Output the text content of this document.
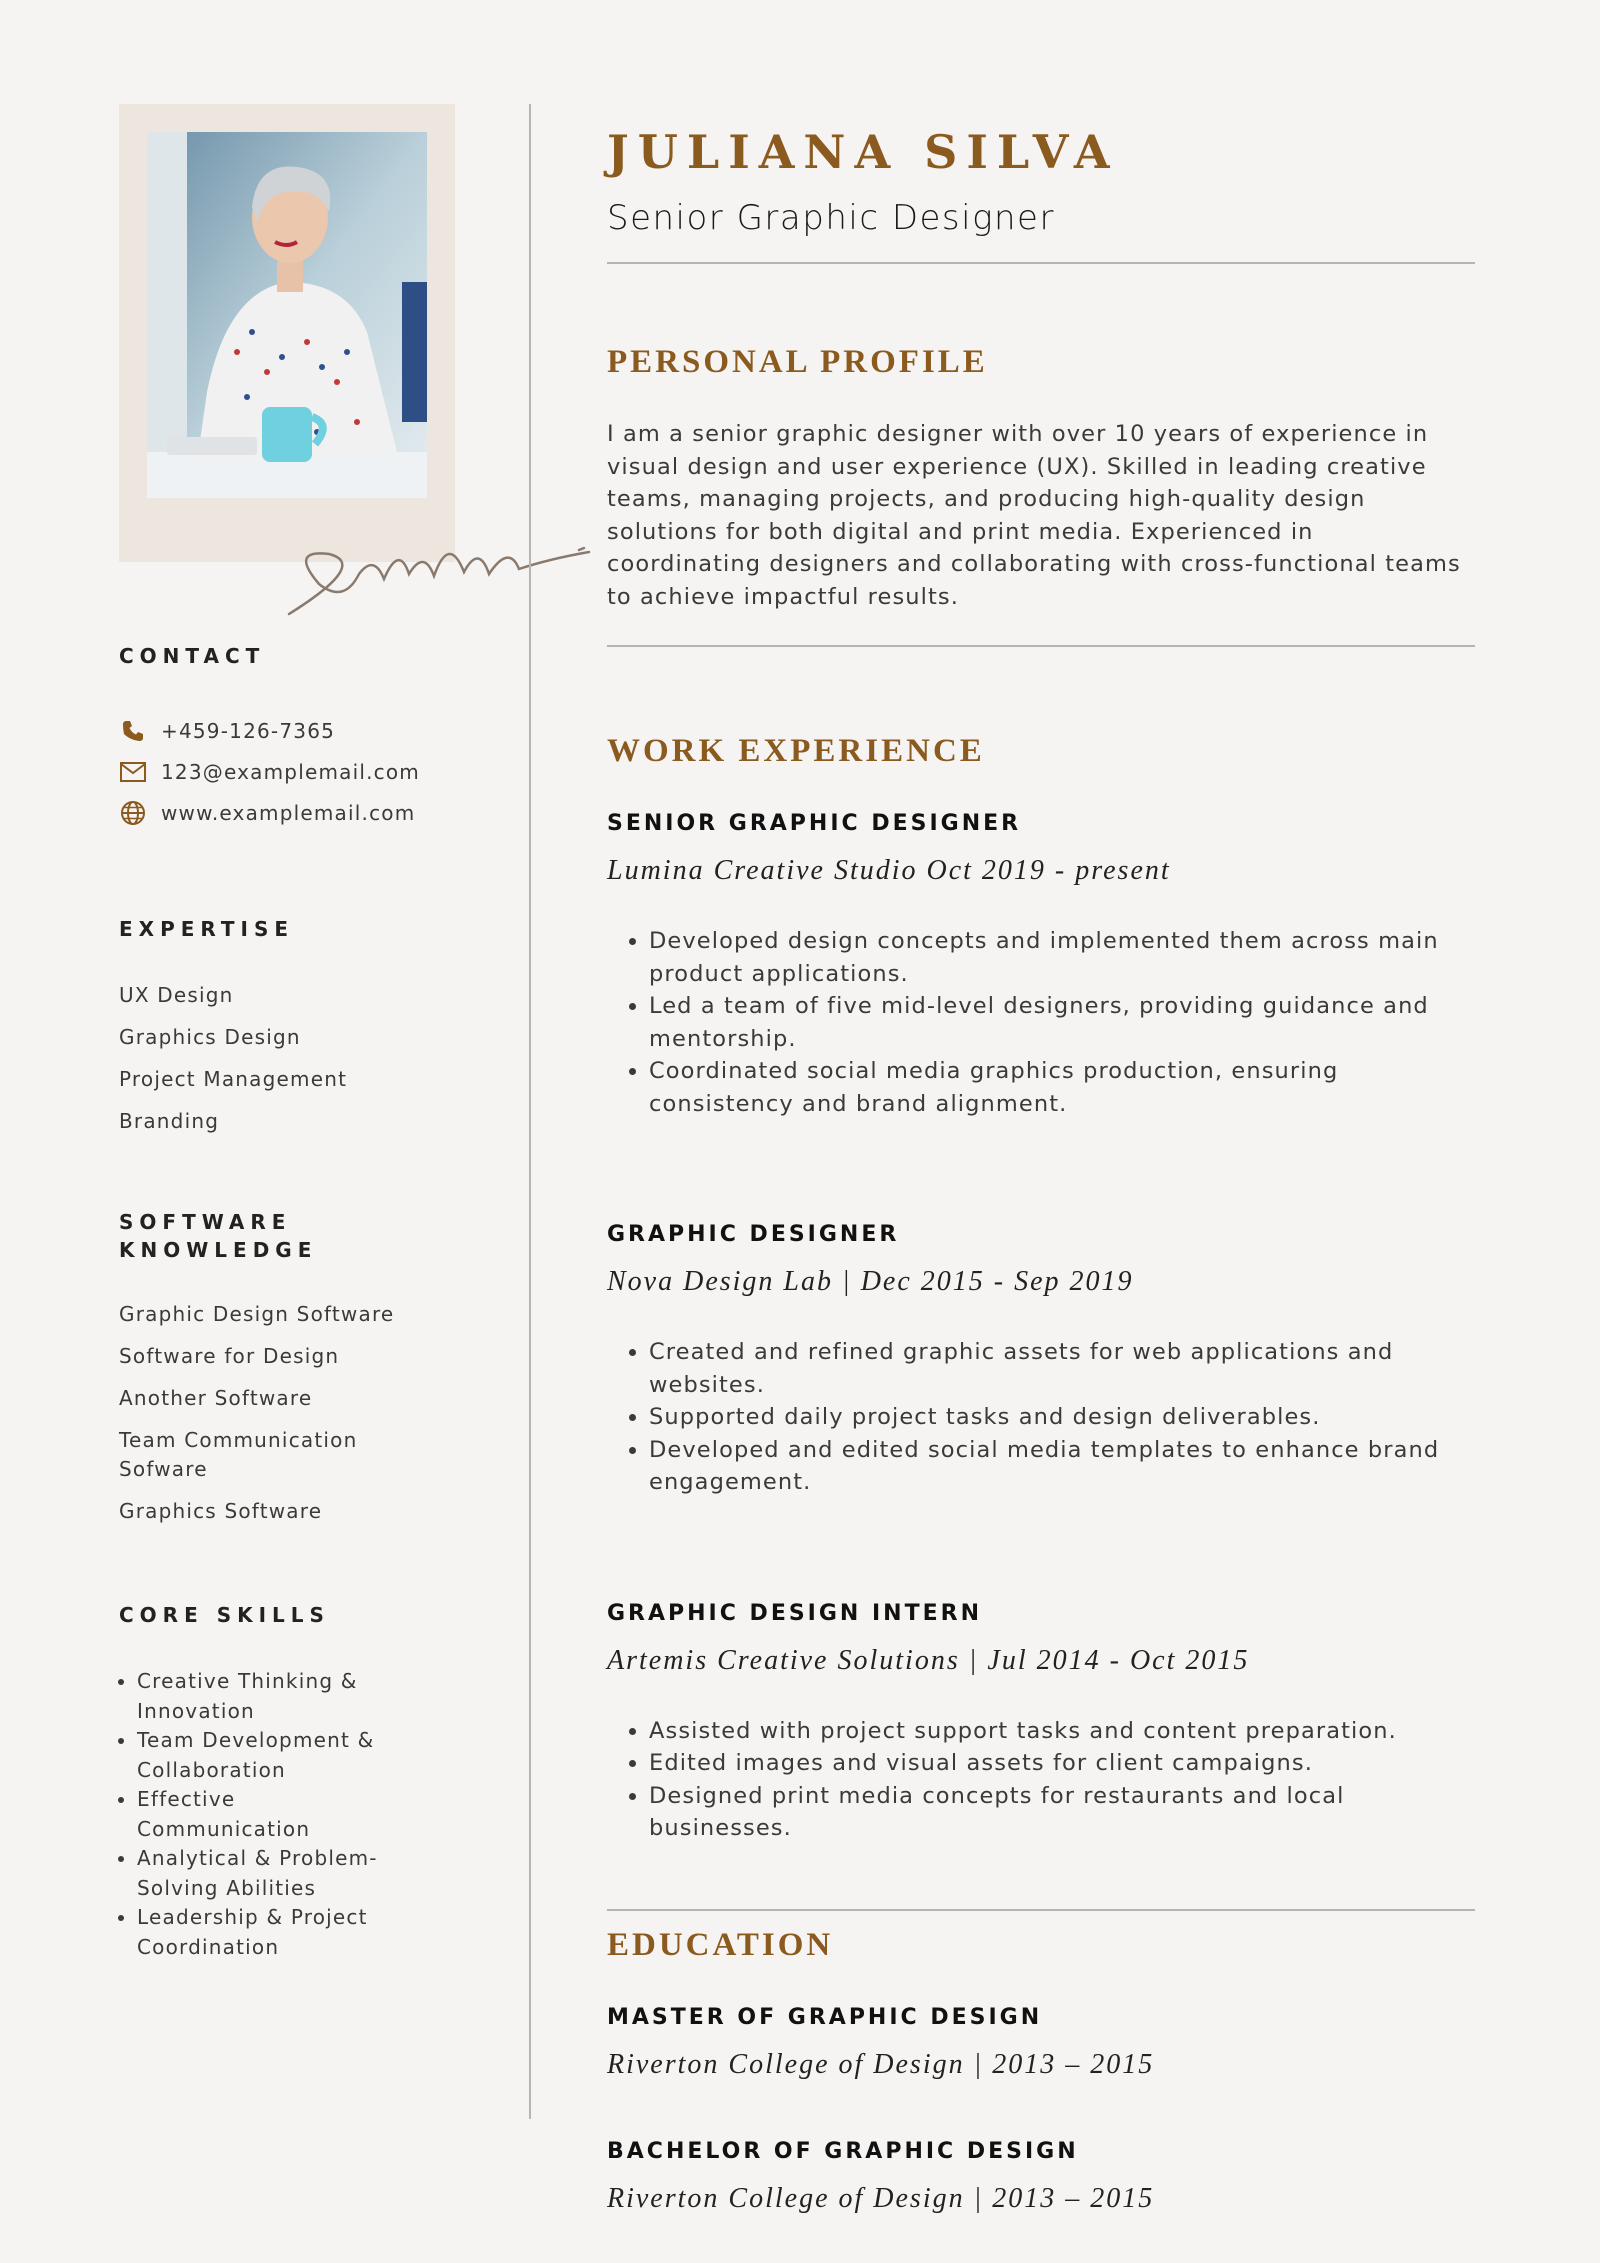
CONTACT
+459-126-7365
123@examplemail.com
www.examplemail.com
EXPERTISE
UX Design
Graphics Design
Project Management
Branding
SOFTWARE KNOWLEDGE
Graphic Design Software
Software for Design
Another Software
Team Communication Sofware
Graphics Software
CORE SKILLS
• Creative Thinking & Innovation
• Team Development & Collaboration
• Effective Communication
• Analytical & Problem-Solving Abilities
• Leadership & Project Coordination
JULIANA SILVA
Senior Graphic Designer
PERSONAL PROFILE

I am a senior graphic designer with over 10 years of experience in visual design and user experience (UX). Skilled in leading creative teams, managing projects, and producing high-quality design solutions for both digital and print media. Experienced in coordinating designers and collaborating with cross-functional teams to achieve impactful results.

WORK EXPERIENCE
SENIOR GRAPHIC DESIGNER
Lumina Creative Studio Oct 2019 - present
• Developed design concepts and implemented them across main product applications.
• Led a team of five mid-level designers, providing guidance and mentorship.
• Coordinated social media graphics production, ensuring consistency and brand alignment.
GRAPHIC DESIGNER
Nova Design Lab | Dec 2015 - Sep 2019
• Created and refined graphic assets for web applications and websites.
• Supported daily project tasks and design deliverables.
• Developed and edited social media templates to enhance brand engagement.
GRAPHIC DESIGN INTERN
Artemis Creative Solutions | Jul 2014 - Oct 2015
• Assisted with project support tasks and content preparation.
• Edited images and visual assets for client campaigns.
• Designed print media concepts for restaurants and local businesses.
EDUCATION
MASTER OF GRAPHIC DESIGN
Riverton College of Design | 2013 – 2015
BACHELOR OF GRAPHIC DESIGN
Riverton College of Design | 2013 – 2015
